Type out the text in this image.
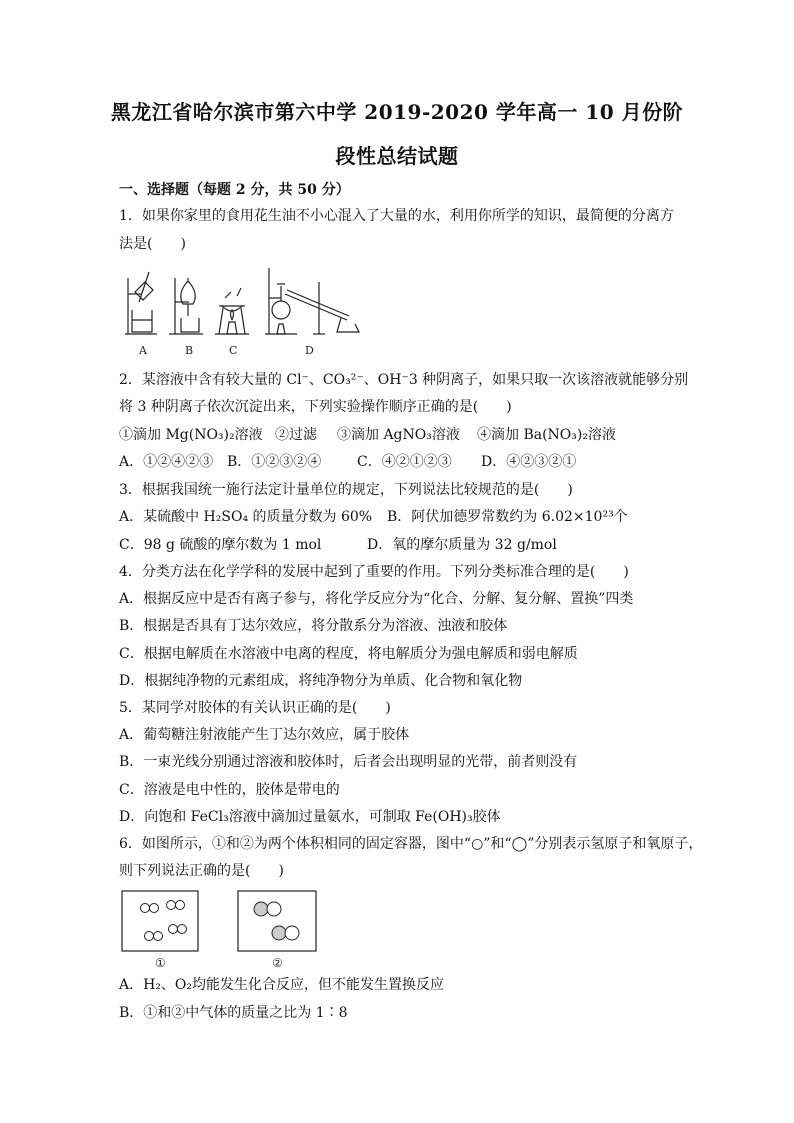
黑龙江省哈尔滨市第六中学 2019-2020 学年高一 10 月份阶
段性总结试题
一、选择题（每题 2 分，共 50 分）
1．如果你家里的食用花生油不小心混入了大量的水，利用你所学的知识，最简便的分离方
法是(　　)
A	B	C	D
2．某溶液中含有较大量的 Cl⁻、CO₃²⁻、OH⁻3 种阴离子，如果只取一次该溶液就能够分别
将 3 种阴离子依次沉淀出来，下列实验操作顺序正确的是(　　)
①滴加 Mg(NO₃)₂溶液 ②过滤 ③滴加 AgNO₃溶液 ④滴加 Ba(NO₃)₂溶液
A．①②④②③ B．①②③②④	C．④②①②③ D．④②③②①
3．根据我国统一施行法定计量单位的规定，下列说法比较规范的是(　　)
A．某硫酸中 H₂SO₄ 的质量分数为 60% B．阿伏加德罗常数约为 6.02×10²³个
C．98 g 硫酸的摩尔数为 1 mol	D．氧的摩尔质量为 32 g/mol
4．分类方法在化学学科的发展中起到了重要的作用。下列分类标准合理的是(　　)
A．根据反应中是否有离子参与，将化学反应分为“化合、分解、复分解、置换”四类
B．根据是否具有丁达尔效应，将分散系分为溶液、浊液和胶体
C．根据电解质在水溶液中电离的程度，将电解质分为强电解质和弱电解质
D．根据纯净物的元素组成，将纯净物分为单质、化合物和氧化物
5．某同学对胶体的有关认识正确的是(　　)
A．葡萄糖注射液能产生丁达尔效应，属于胶体
B．一束光线分别通过溶液和胶体时，后者会出现明显的光带，前者则没有
C．溶液是电中性的，胶体是带电的
D．向饱和 FeCl₃溶液中滴加过量氨水，可制取 Fe(OH)₃胶体
6．如图所示，①和②为两个体积相同的固定容器，图中“○”和“◯”分别表示氢原子和氧原子，
则下列说法正确的是(　　)
①	②
A．H₂、O₂均能发生化合反应，但不能发生置换反应
B．①和②中气体的质量之比为 1∶8
